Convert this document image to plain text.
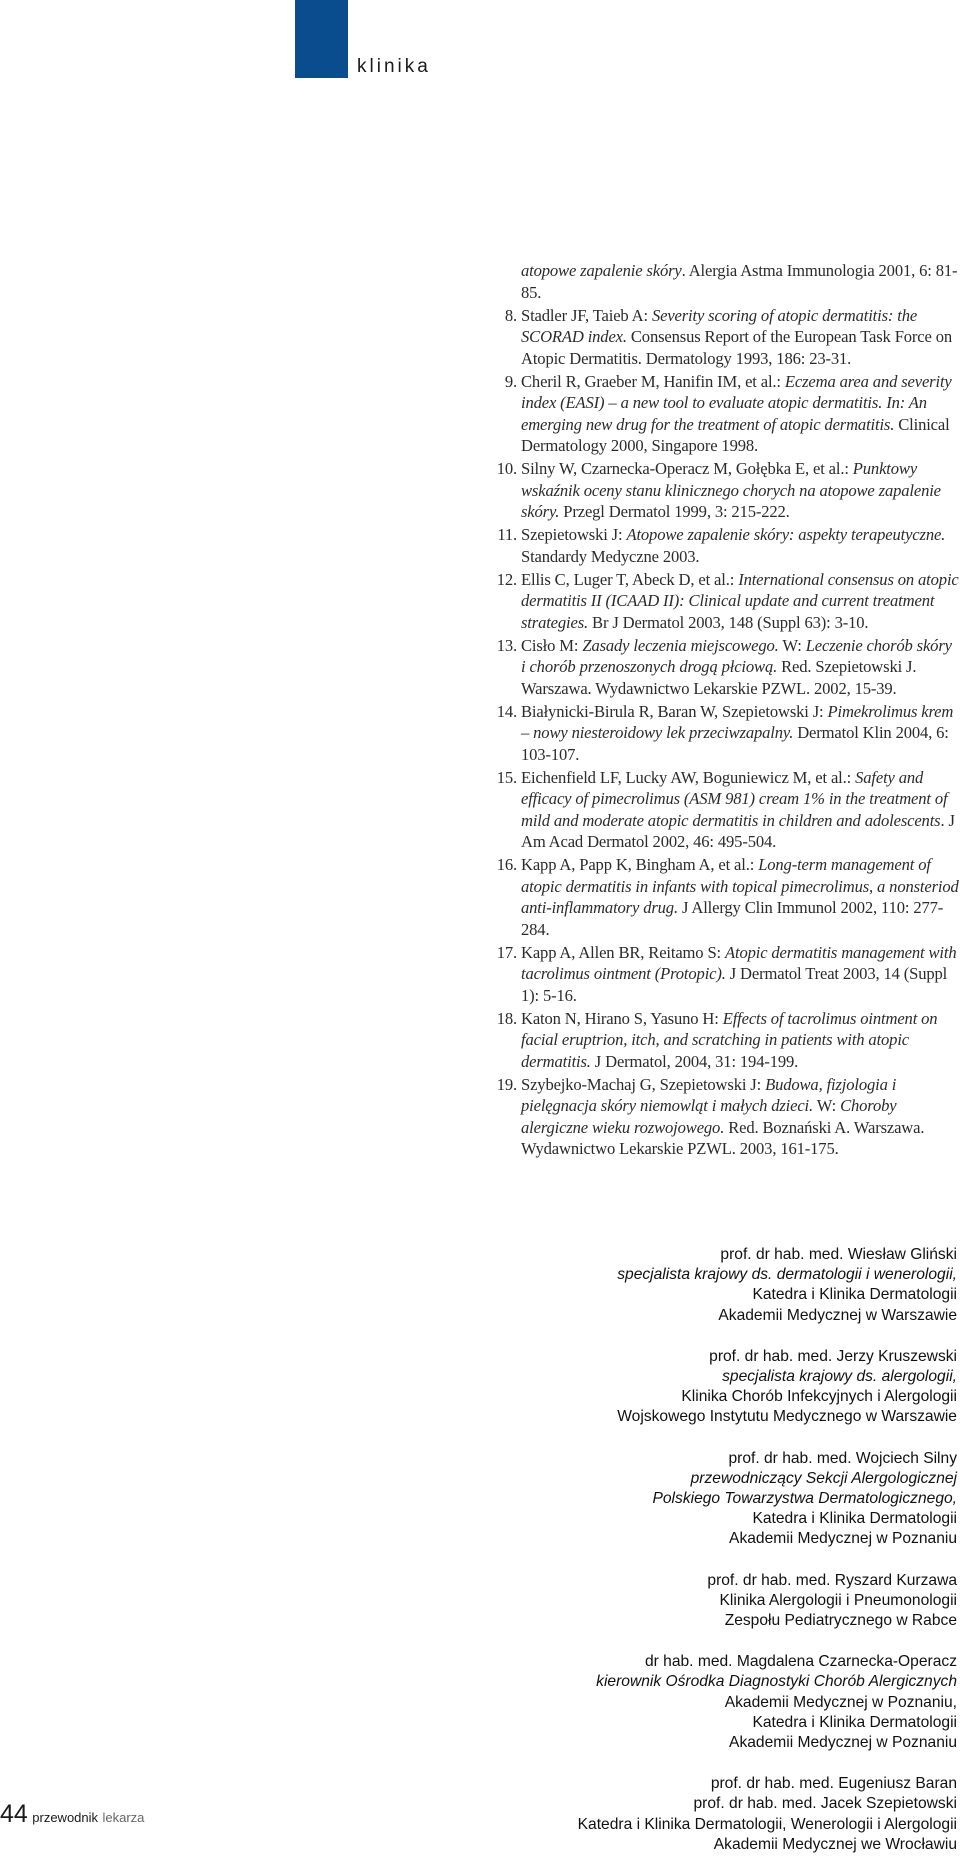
klinika
atopowe zapalenie skóry. Alergia Astma Immunologia 2001, 6: 81-85.
8. Stadler JF, Taieb A: Severity scoring of atopic dermatitis: the SCORAD index. Consensus Report of the European Task Force on Atopic Dermatitis. Dermatology 1993, 186: 23-31.
9. Cheril R, Graeber M, Hanifin IM, et al.: Eczema area and severity index (EASI) – a new tool to evaluate atopic dermatitis. In: An emerging new drug for the treatment of atopic dermatitis. Clinical Dermatology 2000, Singapore 1998.
10. Silny W, Czarnecka-Operacz M, Gołębka E, et al.: Punktowy wskaźnik oceny stanu klinicznego chorych na atopowe zapalenie skóry. Przegl Dermatol 1999, 3: 215-222.
11. Szepietowski J: Atopowe zapalenie skóry: aspekty terapeutyczne. Standardy Medyczne 2003.
12. Ellis C, Luger T, Abeck D, et al.: International consensus on atopic dermatitis II (ICAAD II): Clinical update and current treatment strategies. Br J Dermatol 2003, 148 (Suppl 63): 3-10.
13. Cisło M: Zasady leczenia miejscowego. W: Leczenie chorób skóry i chorób przenoszonych drogą płciową. Red. Szepietowski J. Warszawa. Wydawnictwo Lekarskie PZWL. 2002, 15-39.
14. Białynicki-Birula R, Baran W, Szepietowski J: Pimekrolimus krem – nowy niesteroidowy lek przeciwzapalny. Dermatol Klin 2004, 6: 103-107.
15. Eichenfield LF, Lucky AW, Boguniewicz M, et al.: Safety and efficacy of pimecrolimus (ASM 981) cream 1% in the treatment of mild and moderate atopic dermatitis in children and adolescents. J Am Acad Dermatol 2002, 46: 495-504.
16. Kapp A, Papp K, Bingham A, et al.: Long-term management of atopic dermatitis in infants with topical pimecrolimus, a nonsteriod anti-inflammatory drug. J Allergy Clin Immunol 2002, 110: 277-284.
17. Kapp A, Allen BR, Reitamo S: Atopic dermatitis management with tacrolimus ointment (Protopic). J Dermatol Treat 2003, 14 (Suppl 1): 5-16.
18. Katon N, Hirano S, Yasuno H: Effects of tacrolimus ointment on facial eruptrion, itch, and scratching in patients with atopic dermatitis. J Dermatol, 2004, 31: 194-199.
19. Szybejko-Machaj G, Szepietowski J: Budowa, fizjologia i pielęgnacja skóry niemowląt i małych dzieci. W: Choroby alergiczne wieku rozwojowego. Red. Boznański A. Warszawa. Wydawnictwo Lekarskie PZWL. 2003, 161-175.
prof. dr hab. med. Wiesław Gliński
specjalista krajowy ds. dermatologii i wenerologii,
Katedra i Klinika Dermatologii
Akademii Medycznej w Warszawie
prof. dr hab. med. Jerzy Kruszewski
specjalista krajowy ds. alergologii,
Klinika Chorób Infekcyjnych i Alergologii
Wojskowego Instytutu Medycznego w Warszawie
prof. dr hab. med. Wojciech Silny
przewodniczący Sekcji Alergologicznej
Polskiego Towarzystwa Dermatologicznego,
Katedra i Klinika Dermatologii
Akademii Medycznej w Poznaniu
prof. dr hab. med. Ryszard Kurzawa
Klinika Alergologii i Pneumonologii
Zespołu Pediatrycznego w Rabce
dr hab. med. Magdalena Czarnecka-Operacz
kierownik Ośrodka Diagnostyki Chorób Alergicznych
Akademii Medycznej w Poznaniu,
Katedra i Klinika Dermatologii
Akademii Medycznej w Poznaniu
prof. dr hab. med. Eugeniusz Baran
prof. dr hab. med. Jacek Szepietowski
Katedra i Klinika Dermatologii, Wenerologii i Alergologii
Akademii Medycznej we Wrocławiu
44 przewodnik lekarza
